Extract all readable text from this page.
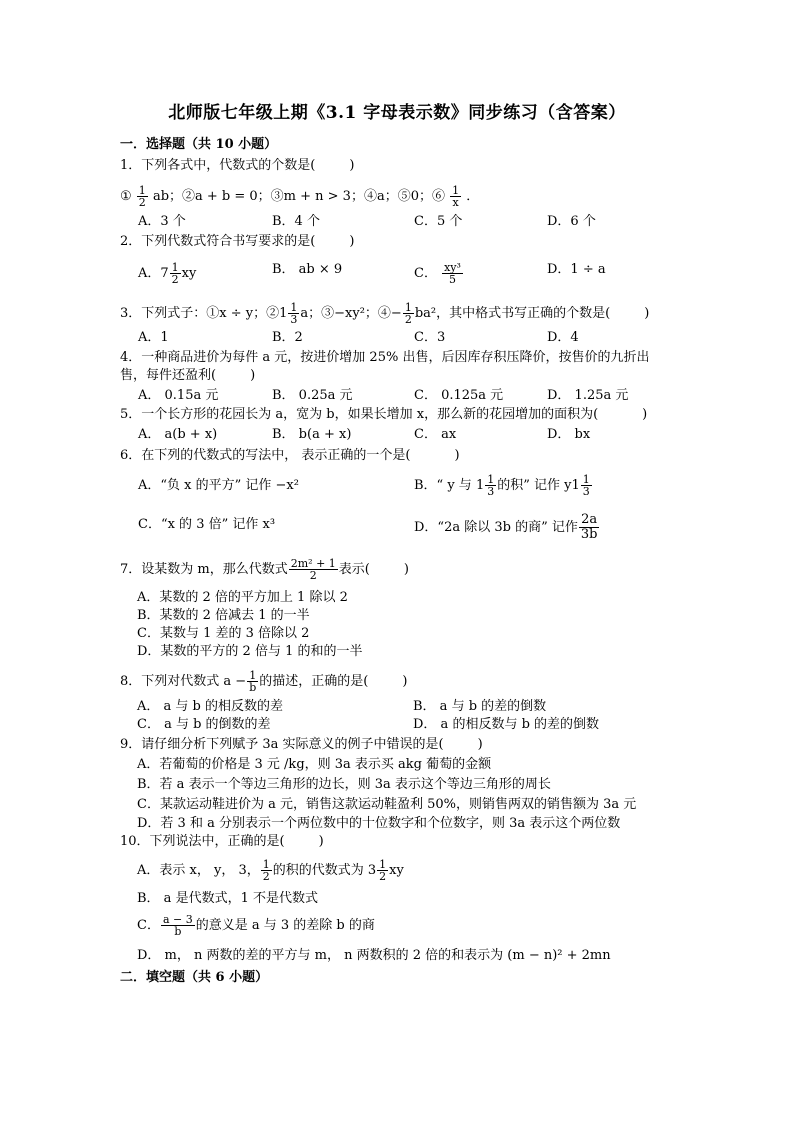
北师版七年级上期《3.1 字母表示数》同步练习（含答案）
一．选择题（共 10 小题）
1．下列各式中，代数式的个数是(	)
① $\frac{1}{2}$ ab；②a + b = 0；③m + n > 3；④a；⑤0；⑥ $\frac{1}{x}$ ．
A．3 个	B．4 个	C．5 个	D．6 个
2．下列代数式符合书写要求的是(	)
A．$7 \frac{1}{2}$ xy	B． ab × 9	C． $\frac{\text{xy³}}{5}$	D．1 ÷ a
3．下列式子：①x ÷ y；②1 $\frac{1}{3}$ a；③−xy²；④− $\frac{1}{2} ba^2$，其中格式书写正确的个数是(	)
A．1	B．2	C．3	D．4
4．一种商品进价为每件 a 元，按进价增加 25% 出售，后因库存积压降价，按售价的九折出
售，每件还盈利(	)
A． 0.15a 元	B． 0.25a 元	C． 0.125a 元	D． 1.25a 元
5．一个长方形的花园长为 a，宽为 b，如果长增加 x，那么新的花园增加的面积为(	)
A． a(b + x)	B． b(a + x)	C． ax	D． bx
6．在下列的代数式的写法中， 表示正确的一个是(	)
A．“负 x 的平方” 记作 −x²	B．“ y 与 $1 \frac{1}{3}$ 的积” 记作 $y1 \frac{1}{3}$
C．“x 的 3 倍” 记作 x³	D．“2a 除以 3b 的商” 记作 $\frac{2a}{3b}$
7．设某数为 m，那么代数式 $\frac{\text{2m² + 1}}{2}$ 表示(	)
A．某数的 2 倍的平方加上 1 除以 2
B．某数的 2 倍减去 1 的一半
C．某数与 1 差的 3 倍除以 2
D．某数的平方的 2 倍与 1 的和的一半
8．下列对代数式 $a - \frac{1}{b}$ 的描述，正确的是(	)
A． a 与 b 的相反数的差	B． a 与 b 的差的倒数
C． a 与 b 的倒数的差	D． a 的相反数与 b 的差的倒数
9．请仔细分析下列赋予 3a 实际意义的例子中错误的是(	)
A．若葡萄的价格是 3 元 /kg，则 3a 表示买 akg 葡萄的金额
B．若 a 表示一个等边三角形的边长，则 3a 表示这个等边三角形的周长
C．某款运动鞋进价为 a 元，销售这款运动鞋盈利 50%，则销售两双的销售额为 3a 元
D．若 3 和 a 分别表示一个两位数中的十位数字和个位数字，则 3a 表示这个两位数
10．下列说法中，正确的是(	)
A．表示 x， y， 3， $\frac{1}{2}$ 的积的代数式为 $3 \frac{1}{2}$ xy
B． a 是代数式，1 不是代数式
C． $\frac{a - 3}{b}$ 的意义是 a 与 3 的差除 b 的商
D． m， n 两数的差的平方与 m， n 两数积的 2 倍的和表示为 (m − n)² + 2mn
二．填空题（共 6 小题）
